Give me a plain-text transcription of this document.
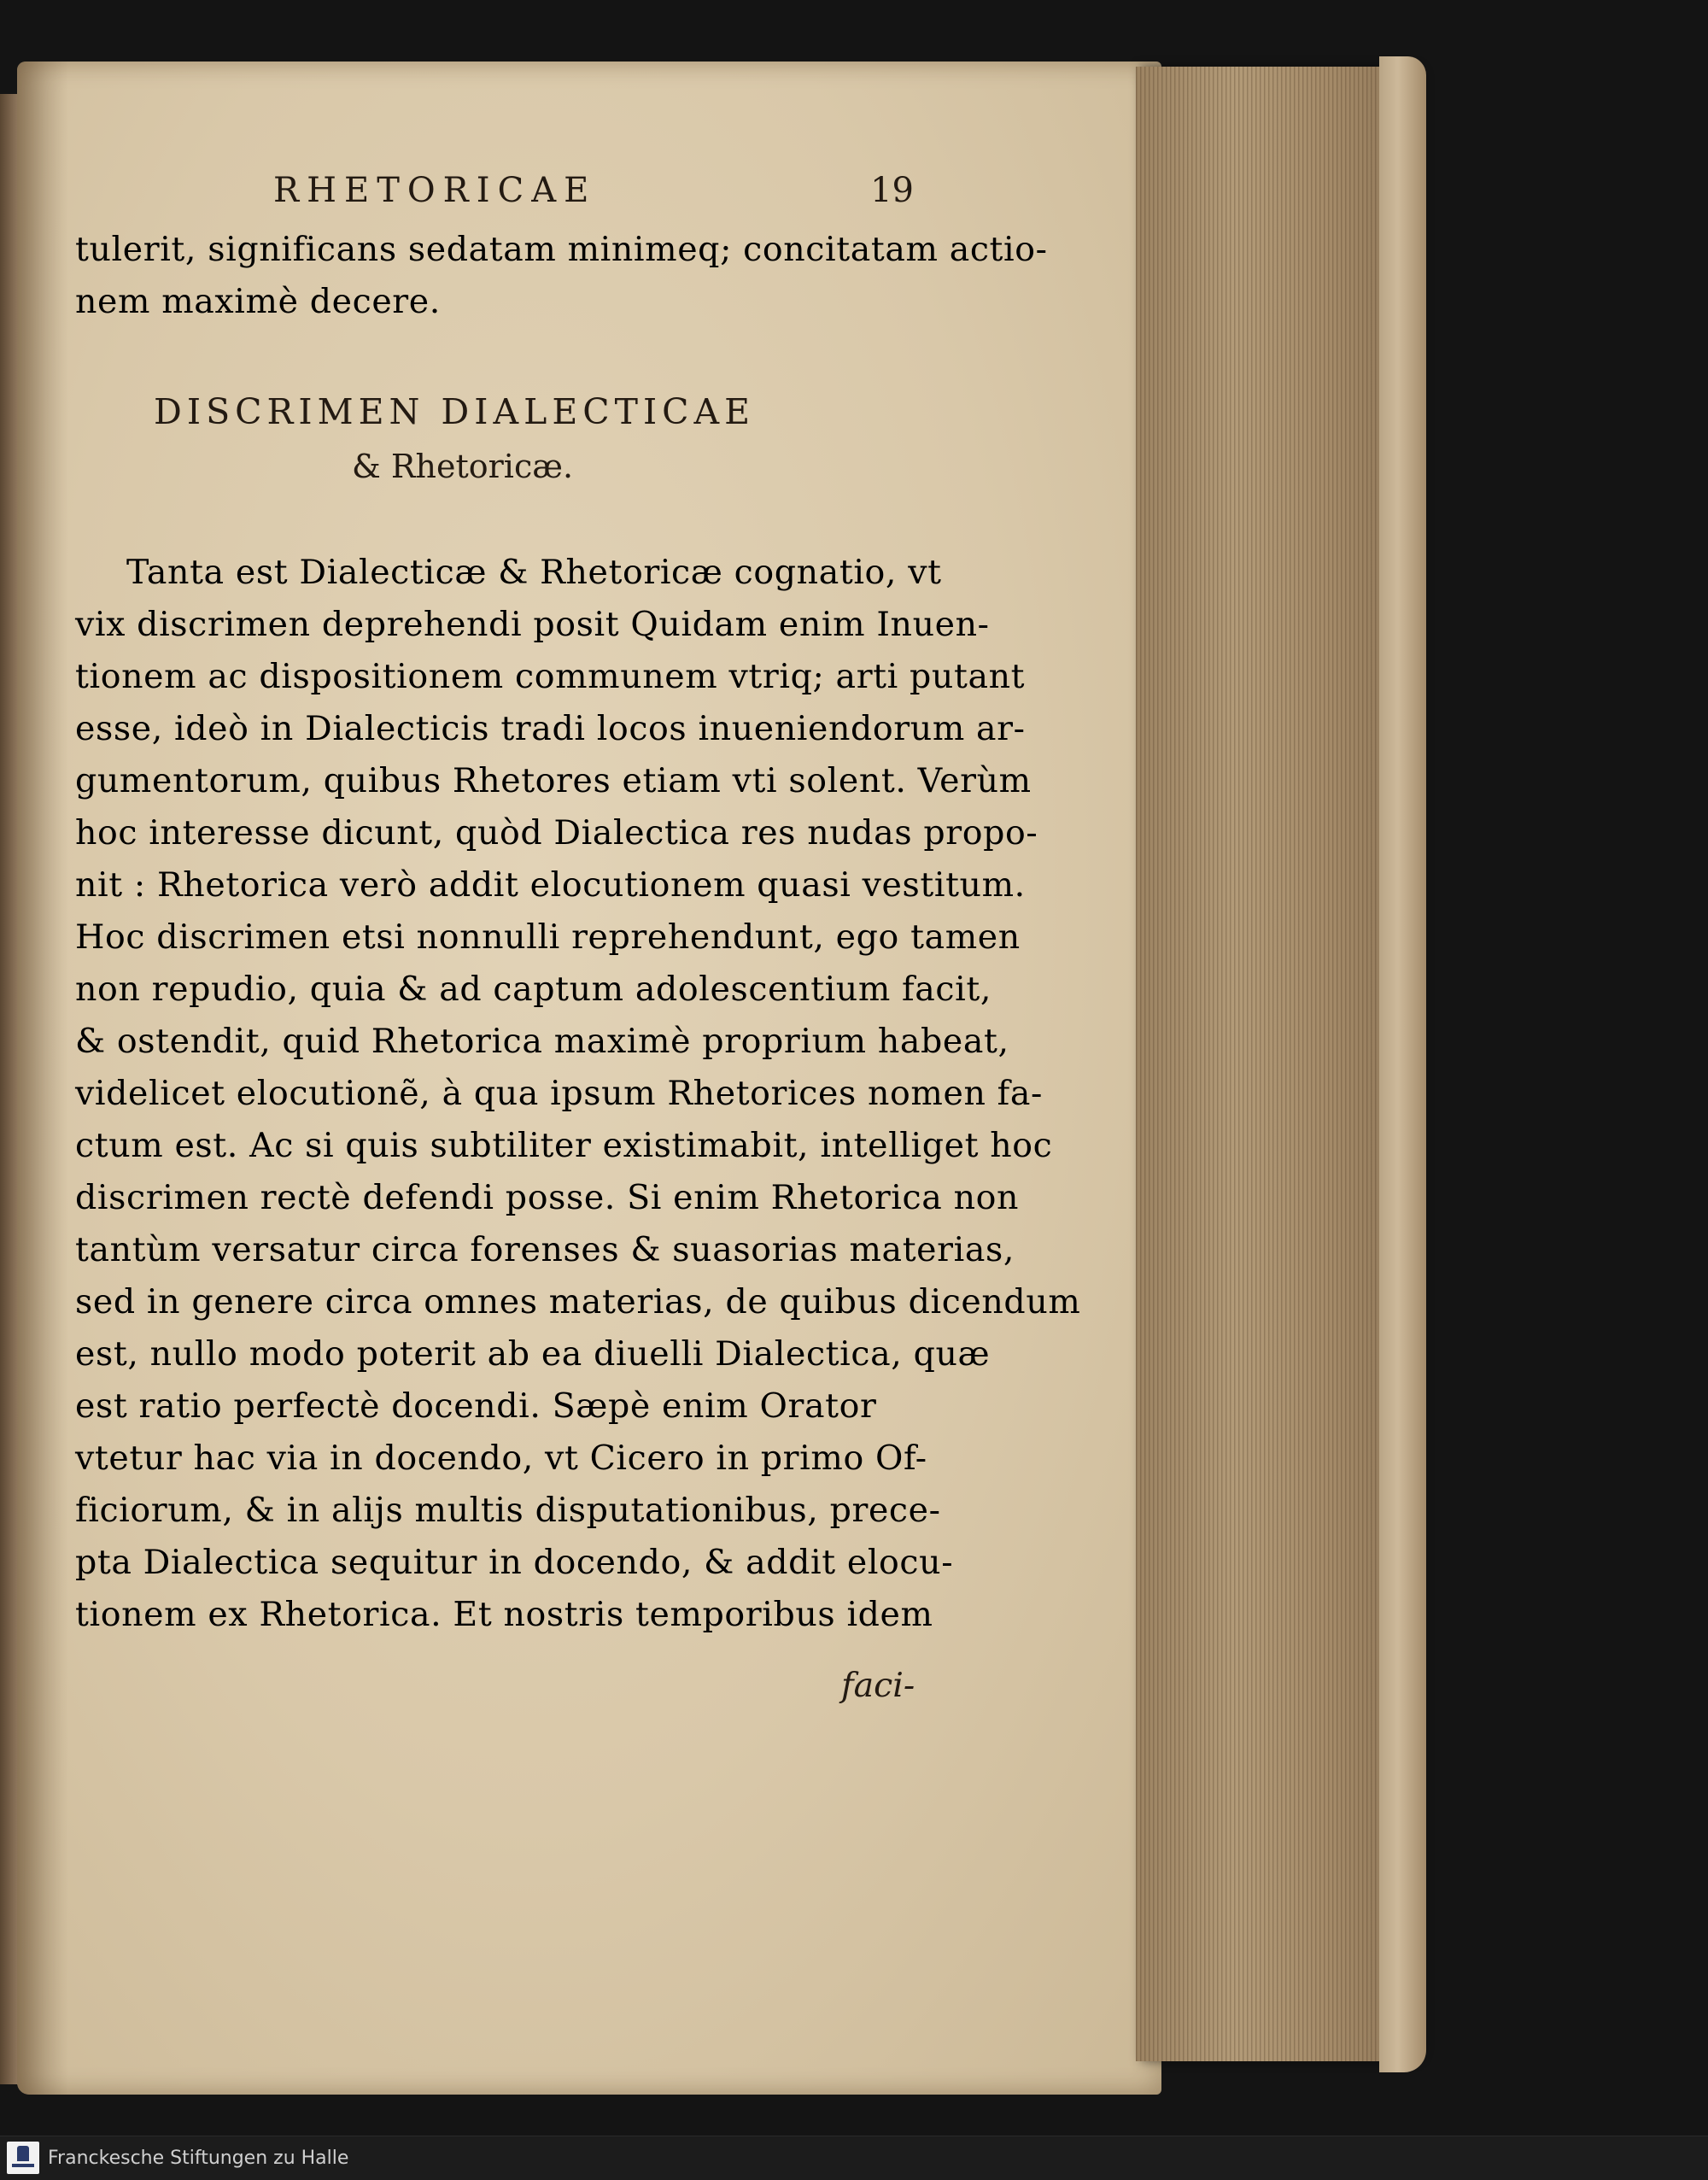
RHETORICAE	19
tulerit, significans sedatam minimeq; concitatam actio-
nem maximè decere.
DISCRIMEN DIALECTICAE
& Rhetoricæ.
Tanta est Dialecticæ & Rhetoricæ cognatio, vt
vix discrimen deprehendi posit Quidam enim Inuen-
tionem ac dispositionem communem vtriq; arti putant
esse, ideò in Dialecticis tradi locos inueniendorum ar-
gumentorum, quibus Rhetores etiam vti solent. Verùm
hoc interesse dicunt, quòd Dialectica res nudas propo-
nit : Rhetorica verò addit elocutionem quasi vestitum.
Hoc discrimen etsi nonnulli reprehendunt, ego tamen
non repudio, quia & ad captum adolescentium facit,
& ostendit, quid Rhetorica maximè proprium habeat,
videlicet elocutionẽ, à qua ipsum Rhetorices nomen fa-
ctum est. Ac si quis subtiliter existimabit, intelliget hoc
discrimen rectè defendi posse. Si enim Rhetorica non
tantùm versatur circa forenses & suasorias materias,
sed in genere circa omnes materias, de quibus dicendum
est, nullo modo poterit ab ea diuelli Dialectica, quæ
est ratio perfectè docendi. Sæpè enim Orator
vtetur hac via in docendo, vt Cicero in primo Of-
ficiorum, & in alijs multis disputationibus, prece-
pta Dialectica sequitur in docendo, & addit elocu-
tionem ex Rhetorica. Et nostris temporibus idem
faci-
Franckesche Stiftungen zu Halle
